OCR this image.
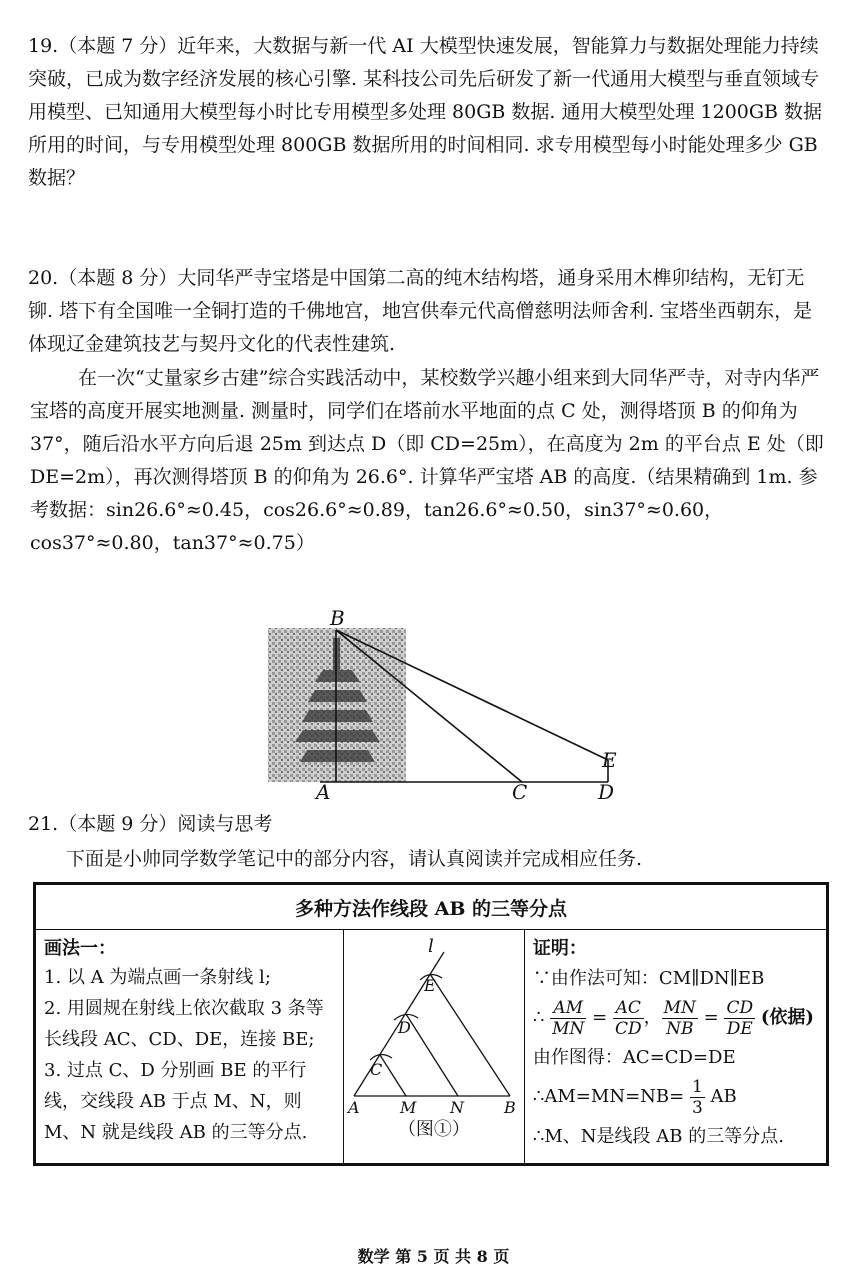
19.（本题 7 分）近年来，大数据与新一代 AI 大模型快速发展，智能算力与数据处理能力持续突破，已成为数字经济发展的核心引擎. 某科技公司先后研发了新一代通用大模型与垂直领域专用模型、已知通用大模型每小时比专用模型多处理 80GB 数据. 通用大模型处理 1200GB 数据所用的时间，与专用模型处理 800GB 数据所用的时间相同. 求专用模型每小时能处理多少 GB 数据？

20.（本题 8 分）大同华严寺宝塔是中国第二高的纯木结构塔，通身采用木榫卯结构，无钉无铆. 塔下有全国唯一全铜打造的千佛地宫，地宫供奉元代高僧慈明法师舍利. 宝塔坐西朝东，是体现辽金建筑技艺与契丹文化的代表性建筑.

在一次“丈量家乡古建”综合实践活动中，某校数学兴趣小组来到大同华严寺，对寺内华严宝塔的高度开展实地测量. 测量时，同学们在塔前水平地面的点 C 处，测得塔顶 B 的仰角为 37°，随后沿水平方向后退 25m 到达点 D（即 CD=25m），在高度为 2m 的平台点 E 处（即 DE=2m），再次测得塔顶 B 的仰角为 26.6°. 计算华严宝塔 AB 的高度.（结果精确到 1m. 参考数据：sin26.6°≈0.45，cos26.6°≈0.89，tan26.6°≈0.50，sin37°≈0.60，cos37°≈0.80，tan37°≈0.75）

B
A	C	D
E

21.（本题 9 分）阅读与思考

下面是小帅同学数学笔记中的部分内容，请认真阅读并完成相应任务.

多种方法作线段 AB 的三等分点

画法一：
1. 以 A 为端点画一条射线 l;
2. 用圆规在射线上依次截取 3 条等长线段 AC、CD、DE，连接 BE;
3. 过点 C、D 分别画 BE 的平行线，交线段 AB 于点 M、N，则 M、N 就是线段 AB 的三等分点.

l
E
D
C
A	M N	B
（图①）

证明：
∵由作法可知：CM∥DN∥EB
∴ $\frac{AM}{MN} = \frac{AC}{CD}$ ， $\frac{MN}{NB} = \frac{CD}{DE}$ (依据)
由作图得：AC=CD=DE
∴AM=MN=NB= $\frac{1}{3}$ AB
∴M、N是线段 AB 的三等分点.
数学 第 5 页 共 8 页
